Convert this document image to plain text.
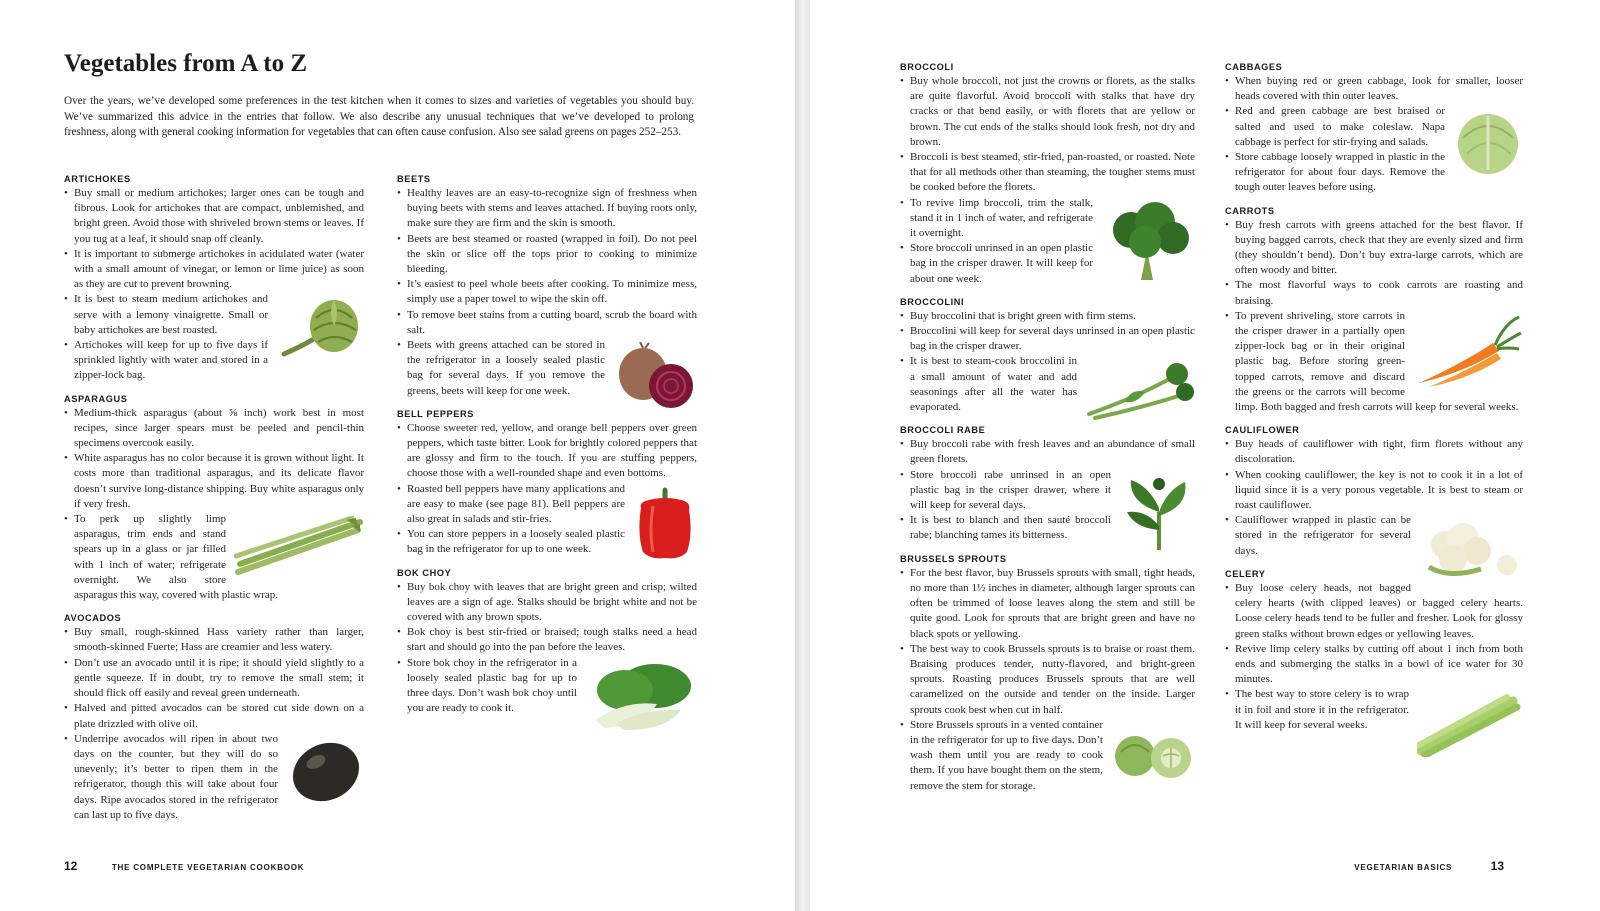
Vegetables from A to Z

Over the years, we’ve developed some preferences in the test kitchen when it comes to sizes and varieties of vegetables you should buy. We’ve summarized this advice in the entries that follow. We also describe any unusual techniques that we’ve developed to prolong freshness, along with general cooking information for vegetables that can often cause confusion. Also see salad greens on pages 252–253.

ARTICHOKES
• Buy small or medium artichokes; larger ones can be tough and fibrous. Look for artichokes that are compact, unblemished, and bright green. Avoid those with shriveled brown stems or leaves. If you tug at a leaf, it should snap off cleanly.
• It is important to submerge artichokes in acidulated water (water with a small amount of vinegar, or lemon or lime juice) as soon as they are cut to prevent browning.
• It is best to steam medium artichokes and serve with a lemony vinaigrette. Small or baby artichokes are best roasted.
• Artichokes will keep for up to five days if sprinkled lightly with water and stored in a zipper-lock bag.
ASPARAGUS
• Medium-thick asparagus (about ⅝ inch) work best in most recipes, since larger spears must be peeled and pencil-thin specimens overcook easily.
• White asparagus has no color because it is grown without light. It costs more than traditional asparagus, and its delicate flavor doesn’t survive long-distance shipping. Buy white asparagus only if very fresh.
• To perk up slightly limp asparagus, trim ends and stand spears up in a glass or jar filled with 1 inch of water; refrigerate overnight. We also store asparagus this way, covered with plastic wrap.
AVOCADOS
• Buy small, rough-skinned Hass variety rather than larger, smooth-skinned Fuerte; Hass are creamier and less watery.
• Don’t use an avocado until it is ripe; it should yield slightly to a gentle squeeze. If in doubt, try to remove the small stem; it should flick off easily and reveal green underneath.
• Halved and pitted avocados can be stored cut side down on a plate drizzled with olive oil.
• Underripe avocados will ripen in about two days on the counter, but they will do so unevenly; it’s better to ripen them in the refrigerator, though this will take about four days. Ripe avocados stored in the refrigerator can last up to five days.
BEETS
• Healthy leaves are an easy-to-recognize sign of freshness when buying beets with stems and leaves attached. If buying roots only, make sure they are firm and the skin is smooth.
• Beets are best steamed or roasted (wrapped in foil). Do not peel the skin or slice off the tops prior to cooking to minimize bleeding.
• It’s easiest to peel whole beets after cooking. To minimize mess, simply use a paper towel to wipe the skin off.
• To remove beet stains from a cutting board, scrub the board with salt.
• Beets with greens attached can be stored in the refrigerator in a loosely sealed plastic bag for several days. If you remove the greens, beets will keep for one week.
BELL PEPPERS
• Choose sweeter red, yellow, and orange bell peppers over green peppers, which taste bitter. Look for brightly colored peppers that are glossy and firm to the touch. If you are stuffing peppers, choose those with a well-rounded shape and even bottoms.
• Roasted bell peppers have many applications and are easy to make (see page 81). Bell peppers are also great in salads and stir-fries.
• You can store peppers in a loosely sealed plastic bag in the refrigerator for up to one week.
BOK CHOY
• Buy bok choy with leaves that are bright green and crisp; wilted leaves are a sign of age. Stalks should be bright white and not be covered with any brown spots.
• Bok choy is best stir-fried or braised; tough stalks need a head start and should go into the pan before the leaves.
• Store bok choy in the refrigerator in a loosely sealed plastic bag for up to three days. Don’t wash bok choy until you are ready to cook it.
12	THE COMPLETE VEGETARIAN COOKBOOK
BROCCOLI
• Buy whole broccoli, not just the crowns or florets, as the stalks are quite flavorful. Avoid broccoli with stalks that have dry cracks or that bend easily, or with florets that are yellow or brown. The cut ends of the stalks should look fresh, not dry and brown.
• Broccoli is best steamed, stir-fried, pan-roasted, or roasted. Note that for all methods other than steaming, the tougher stems must be cooked before the florets.
• To revive limp broccoli, trim the stalk, stand it in 1 inch of water, and refrigerate it overnight.
• Store broccoli unrinsed in an open plastic bag in the crisper drawer. It will keep for about one week.
BROCCOLINI
• Buy broccolini that is bright green with firm stems.
• Broccolini will keep for several days unrinsed in an open plastic bag in the crisper drawer.
• It is best to steam-cook broccolini in a small amount of water and add seasonings after all the water has evaporated.
BROCCOLI RABE
• Buy broccoli rabe with fresh leaves and an abundance of small green florets.
• Store broccoli rabe unrinsed in an open plastic bag in the crisper drawer, where it will keep for several days.
• It is best to blanch and then sauté broccoli rabe; blanching tames its bitterness.
BRUSSELS SPROUTS
• For the best flavor, buy Brussels sprouts with small, tight heads, no more than 1½ inches in diameter, although larger sprouts can often be trimmed of loose leaves along the stem and still be quite good. Look for sprouts that are bright green and have no black spots or yellowing.
• The best way to cook Brussels sprouts is to braise or roast them. Braising produces tender, nutty-flavored, and bright-green sprouts. Roasting produces Brussels sprouts that are well caramelized on the outside and tender on the inside. Larger sprouts cook best when cut in half.
• Store Brussels sprouts in a vented container in the refrigerator for up to five days. Don’t wash them until you are ready to cook them. If you have bought them on the stem, remove the stem for storage.
CABBAGES
• When buying red or green cabbage, look for smaller, looser heads covered with thin outer leaves.
• Red and green cabbage are best braised or salted and used to make coleslaw. Napa cabbage is perfect for stir-frying and salads.
• Store cabbage loosely wrapped in plastic in the refrigerator for about four days. Remove the tough outer leaves before using.
CARROTS
• Buy fresh carrots with greens attached for the best flavor. If buying bagged carrots, check that they are evenly sized and firm (they shouldn’t bend). Don’t buy extra-large carrots, which are often woody and bitter.
• The most flavorful ways to cook carrots are roasting and braising.
• To prevent shriveling, store carrots in the crisper drawer in a partially open zipper-lock bag or in their original plastic bag. Before storing green-topped carrots, remove and discard the greens or the carrots will become limp. Both bagged and fresh carrots will keep for several weeks.
CAULIFLOWER
• Buy heads of cauliflower with tight, firm florets without any discoloration.
• When cooking cauliflower, the key is not to cook it in a lot of liquid since it is a very porous vegetable. It is best to steam or roast cauliflower.
• Cauliflower wrapped in plastic can be stored in the refrigerator for several days.
CELERY
• Buy loose celery heads, not bagged celery hearts (with clipped leaves) or bagged celery hearts. Loose celery heads tend to be fuller and fresher. Look for glossy green stalks without brown edges or yellowing leaves.
• Revive limp celery stalks by cutting off about 1 inch from both ends and submerging the stalks in a bowl of ice water for 30 minutes.
• The best way to store celery is to wrap it in foil and store it in the refrigerator. It will keep for several weeks.
VEGETARIAN BASICS	13
